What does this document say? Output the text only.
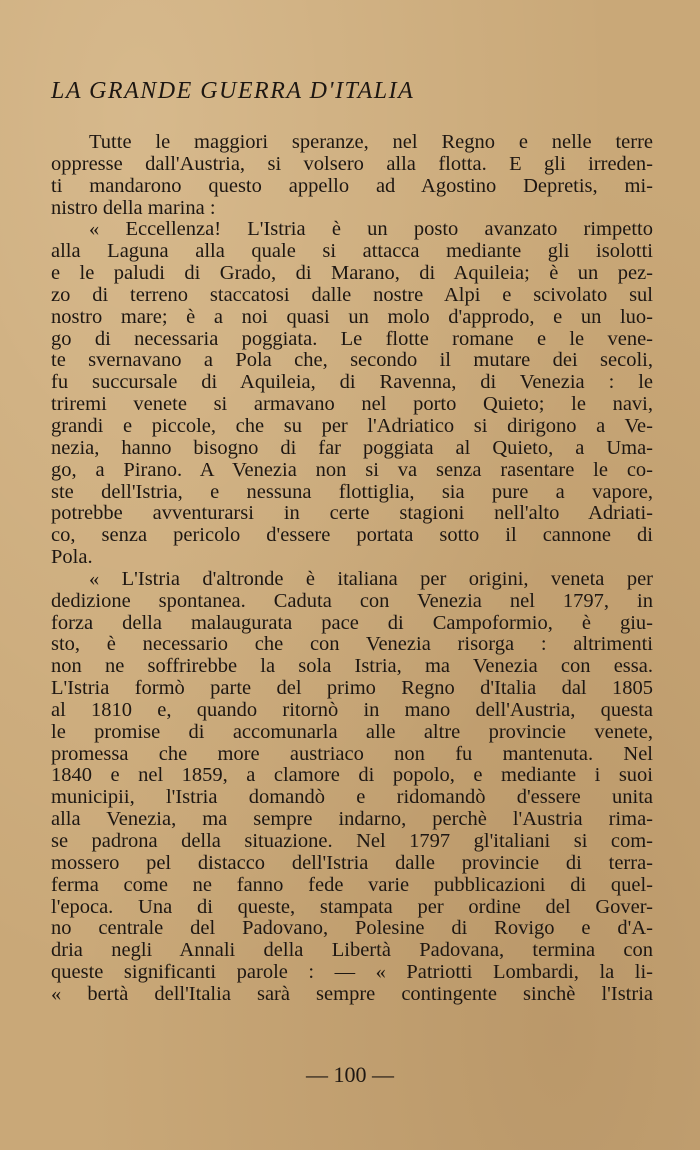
LA GRANDE GUERRA D'ITALIA
Tutte le maggiori speranze, nel Regno e nelle terre
oppresse dall'Austria, si volsero alla flotta. E gli irreden-
ti mandarono questo appello ad Agostino Depretis, mi-
nistro della marina :
« Eccellenza! L'Istria è un posto avanzato rimpetto
alla Laguna alla quale si attacca mediante gli isolotti
e le paludi di Grado, di Marano, di Aquileia; è un pez-
zo di terreno staccatosi dalle nostre Alpi e scivolato sul
nostro mare; è a noi quasi un molo d'approdo, e un luo-
go di necessaria poggiata. Le flotte romane e le vene-
te svernavano a Pola che, secondo il mutare dei secoli,
fu succursale di Aquileia, di Ravenna, di Venezia : le
triremi venete si armavano nel porto Quieto; le navi,
grandi e piccole, che su per l'Adriatico si dirigono a Ve-
nezia, hanno bisogno di far poggiata al Quieto, a Uma-
go, a Pirano. A Venezia non si va senza rasentare le co-
ste dell'Istria, e nessuna flottiglia, sia pure a vapore,
potrebbe avventurarsi in certe stagioni nell'alto Adriati-
co, senza pericolo d'essere portata sotto il cannone di
Pola.
« L'Istria d'altronde è italiana per origini, veneta per
dedizione spontanea. Caduta con Venezia nel 1797, in
forza della malaugurata pace di Campoformio, è giu-
sto, è necessario che con Venezia risorga : altrimenti
non ne soffrirebbe la sola Istria, ma Venezia con essa.
L'Istria formò parte del primo Regno d'Italia dal 1805
al 1810 e, quando ritornò in mano dell'Austria, questa
le promise di accomunarla alle altre provincie venete,
promessa che more austriaco non fu mantenuta. Nel
1840 e nel 1859, a clamore di popolo, e mediante i suoi
municipii, l'Istria domandò e ridomandò d'essere unita
alla Venezia, ma sempre indarno, perchè l'Austria rima-
se padrona della situazione. Nel 1797 gl'italiani si com-
mossero pel distacco dell'Istria dalle provincie di terra-
ferma come ne fanno fede varie pubblicazioni di quel-
l'epoca. Una di queste, stampata per ordine del Gover-
no centrale del Padovano, Polesine di Rovigo e d'A-
dria negli Annali della Libertà Padovana, termina con
queste significanti parole : — « Patriotti Lombardi, la li-
« bertà dell'Italia sarà sempre contingente sinchè l'Istria
— 100 —
